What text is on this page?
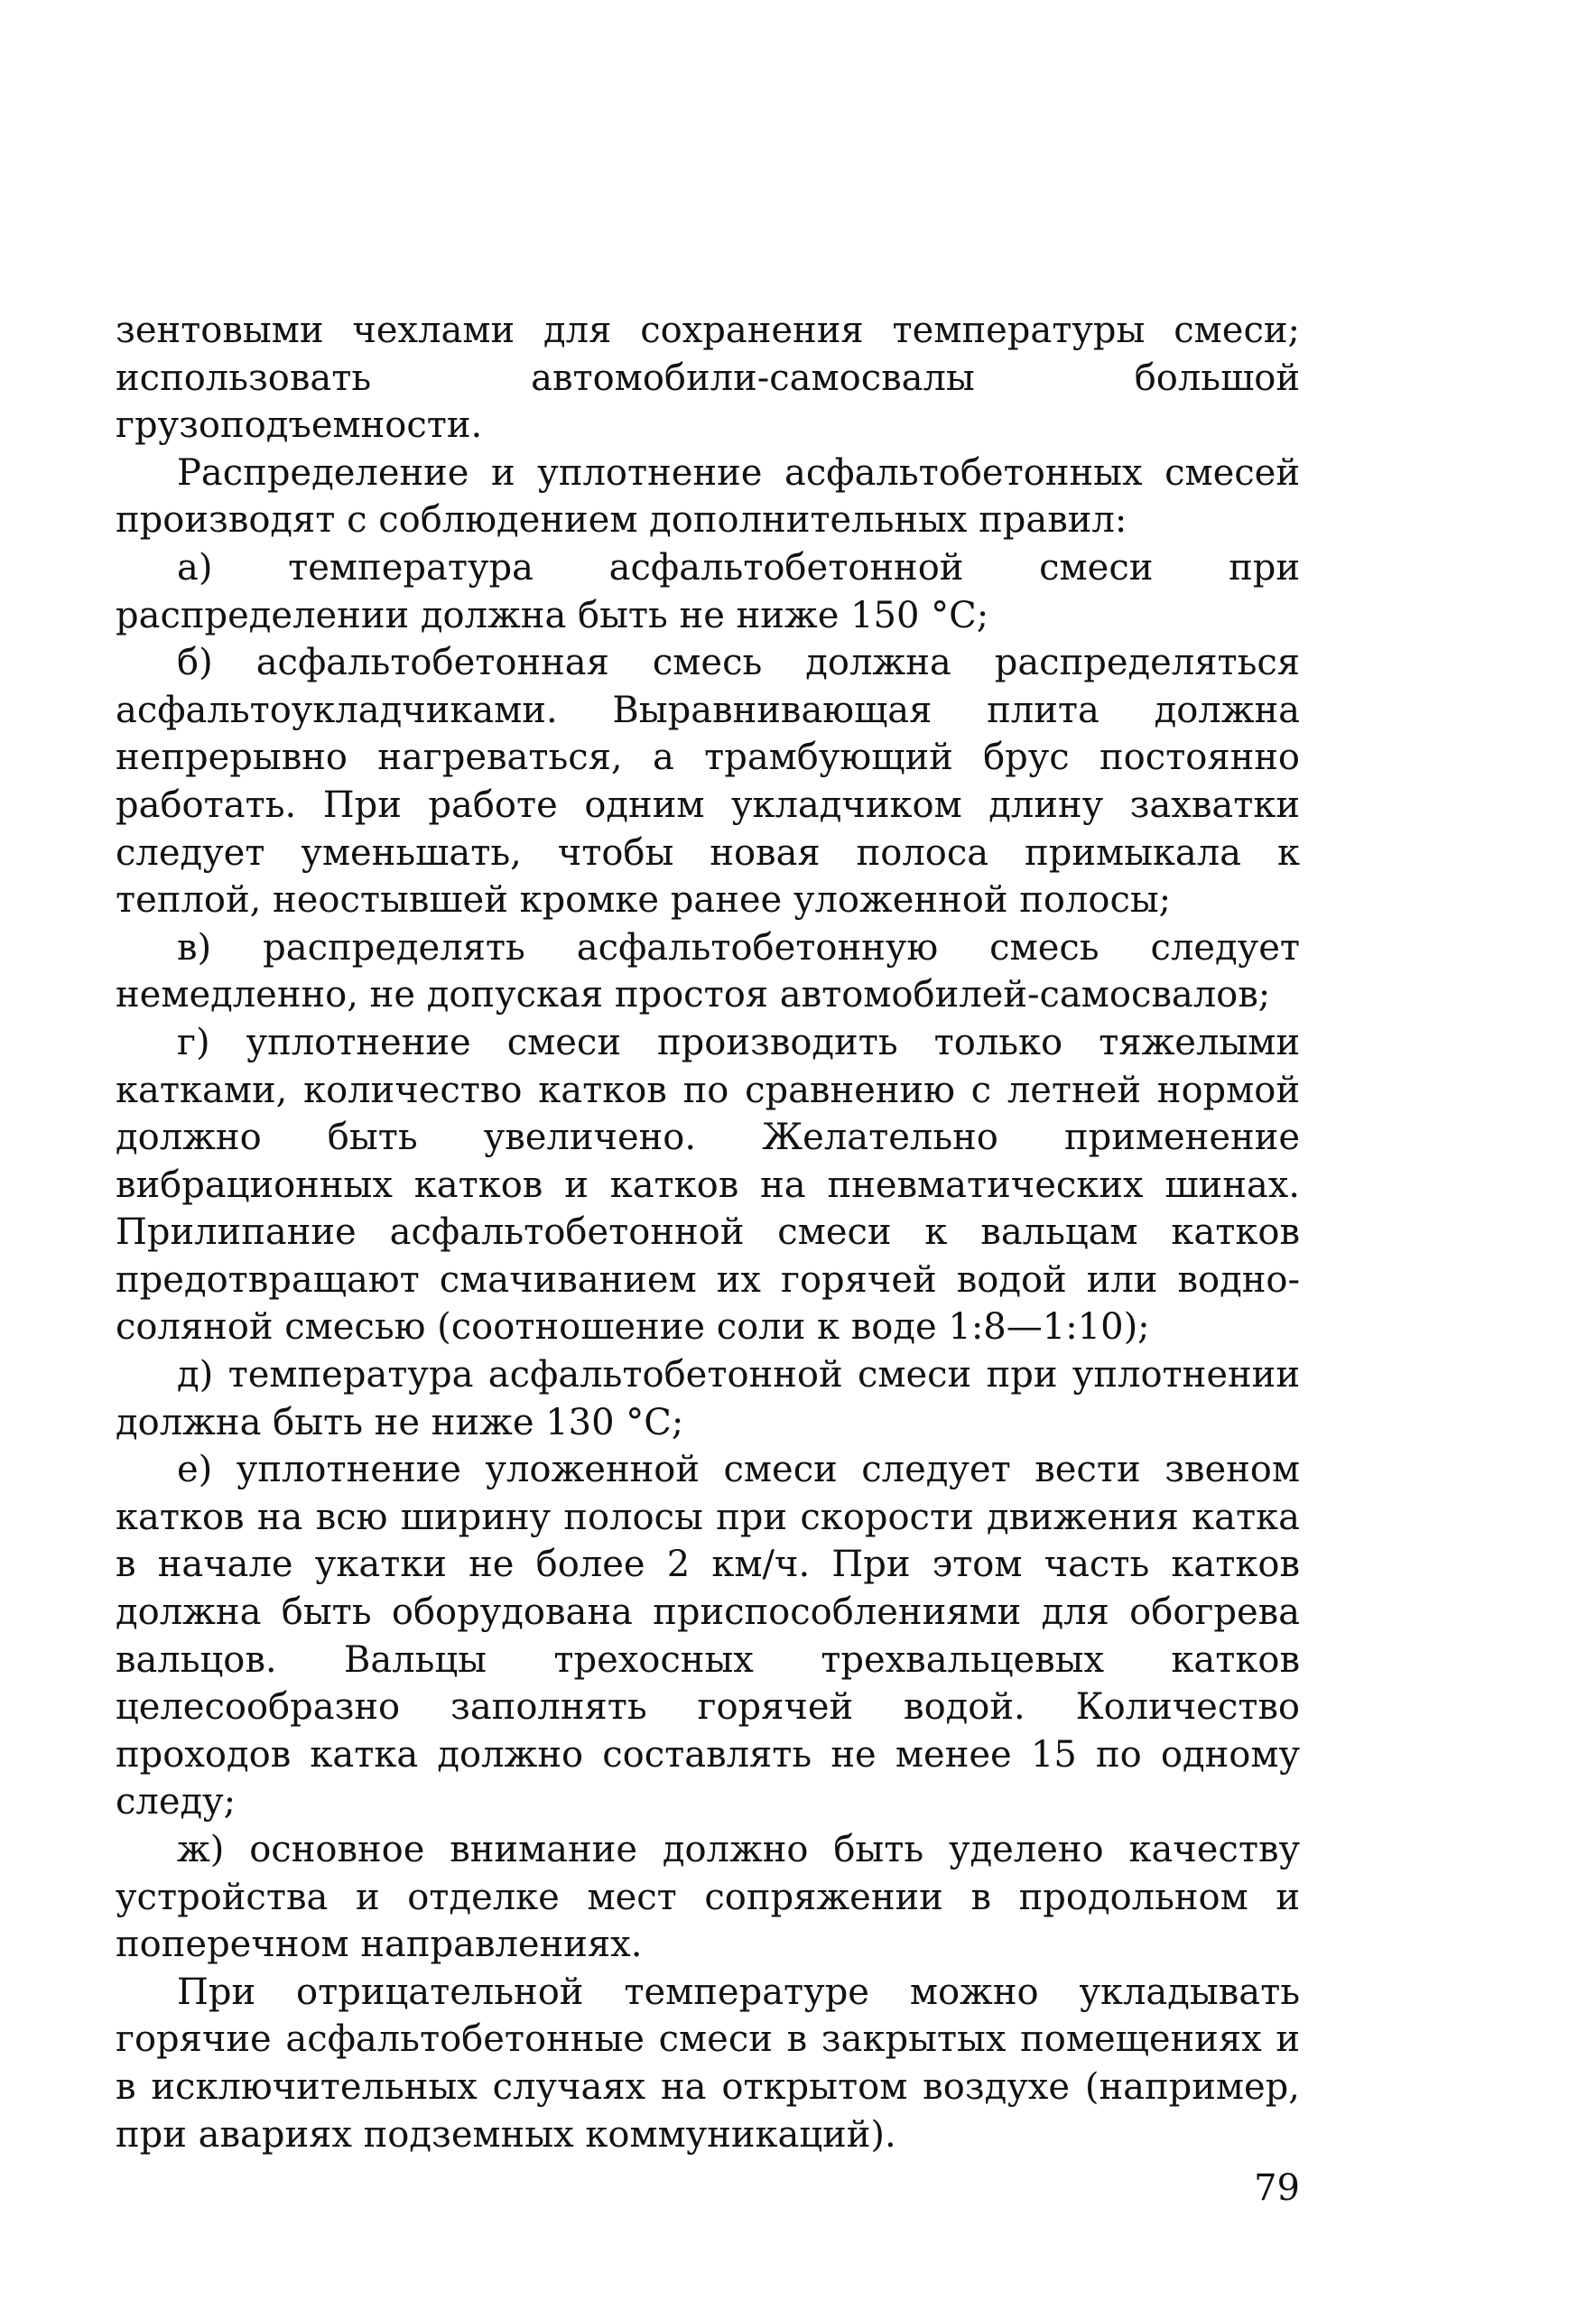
зентовыми чехлами для сохранения температуры смеси; использовать автомобили-самосвалы большой грузоподъемности.

Распределение и уплотнение асфальтобетонных смесей производят с соблюдением дополнительных правил:

а) температура асфальтобетонной смеси при распределении должна быть не ниже 150 °С;

б) асфальтобетонная смесь должна распределяться асфальтоукладчиками. Выравнивающая плита должна непрерывно нагреваться, а трамбующий брус постоянно работать. При работе одним укладчиком длину захватки следует уменьшать, чтобы новая полоса примыкала к теплой, неостывшей кромке ранее уложенной полосы;

в) распределять асфальтобетонную смесь следует немедленно, не допуская простоя автомобилей-самосвалов;

г) уплотнение смеси производить только тяжелыми катками, количество катков по сравнению с летней нормой должно быть увеличено. Желательно применение вибрационных катков и катков на пневматических шинах. Прилипание асфальтобетонной смеси к вальцам катков предотвращают смачиванием их горячей водой или водно-соляной смесью (соотношение соли к воде 1:8—1:10);

д) температура асфальтобетонной смеси при уплотнении должна быть не ниже 130 °С;

е) уплотнение уложенной смеси следует вести звеном катков на всю ширину полосы при скорости движения катка в начале укатки не более 2 км/ч. При этом часть катков должна быть оборудована приспособлениями для обогрева вальцов. Вальцы трехосных трехвальцевых катков целесообразно заполнять горячей водой. Количество проходов катка должно составлять не менее 15 по одному следу;

ж) основное внимание должно быть уделено качеству устройства и отделке мест сопряжении в продольном и поперечном направлениях.

При отрицательной температуре можно укладывать горячие асфальтобетонные смеси в закрытых помещениях и в исключительных случаях на открытом воздухе (например, при авариях подземных коммуникаций).

79
